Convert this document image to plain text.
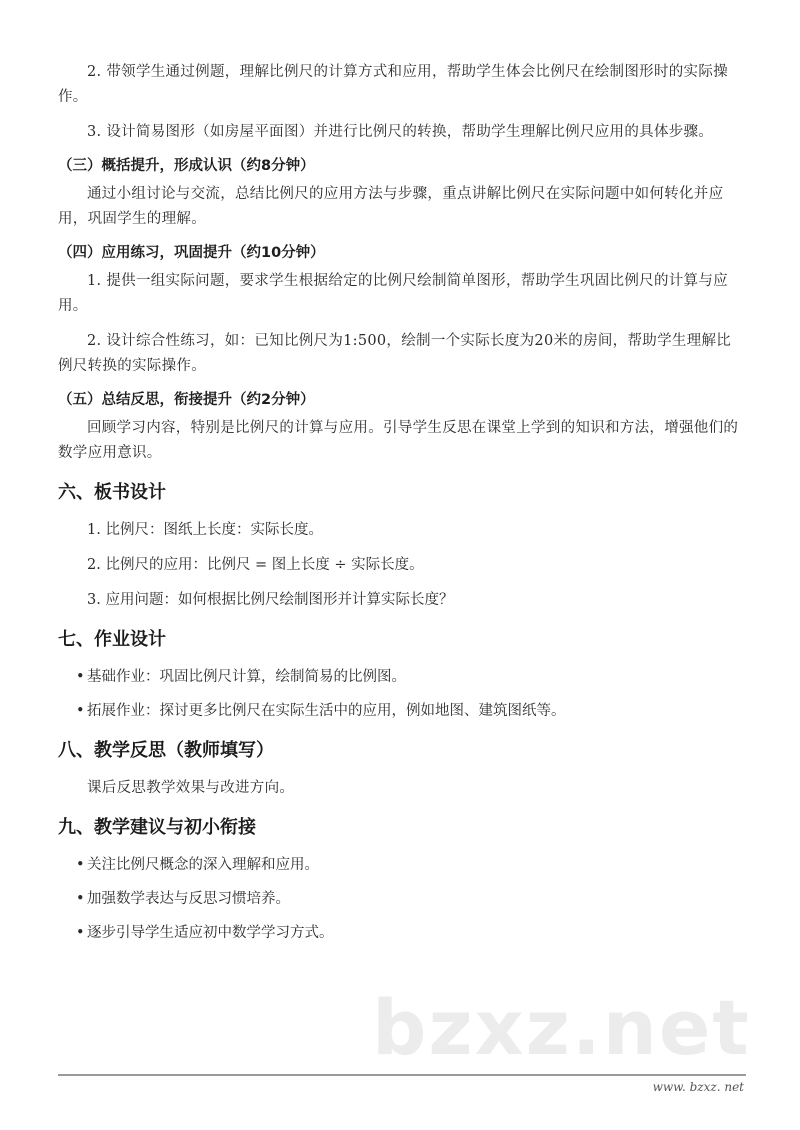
bzxz.net

2. 带领学生通过例题，理解比例尺的计算方式和应用，帮助学生体会比例尺在绘制图形时的实际操作。

3. 设计简易图形（如房屋平面图）并进行比例尺的转换，帮助学生理解比例尺应用的具体步骤。

（三）概括提升，形成认识（约8分钟）

通过小组讨论与交流，总结比例尺的应用方法与步骤，重点讲解比例尺在实际问题中如何转化并应用，巩固学生的理解。

（四）应用练习，巩固提升（约10分钟）

1. 提供一组实际问题，要求学生根据给定的比例尺绘制简单图形，帮助学生巩固比例尺的计算与应用。

2. 设计综合性练习，如：已知比例尺为1:500，绘制一个实际长度为20米的房间，帮助学生理解比例尺转换的实际操作。

（五）总结反思，衔接提升（约2分钟）

回顾学习内容，特别是比例尺的计算与应用。引导学生反思在课堂上学到的知识和方法，增强他们的数学应用意识。

六、板书设计
1. 比例尺：图纸上长度：实际长度。
2. 比例尺的应用：比例尺 = 图上长度 ÷ 实际长度。
3. 应用问题：如何根据比例尺绘制图形并计算实际长度？
七、作业设计
• 基础作业：巩固比例尺计算，绘制简易的比例图。
• 拓展作业：探讨更多比例尺在实际生活中的应用，例如地图、建筑图纸等。
八、教学反思（教师填写）

课后反思教学效果与改进方向。

九、教学建议与初小衔接
• 关注比例尺概念的深入理解和应用。
• 加强数学表达与反思习惯培养。
• 逐步引导学生适应初中数学学习方式。
www. bzxz. net
